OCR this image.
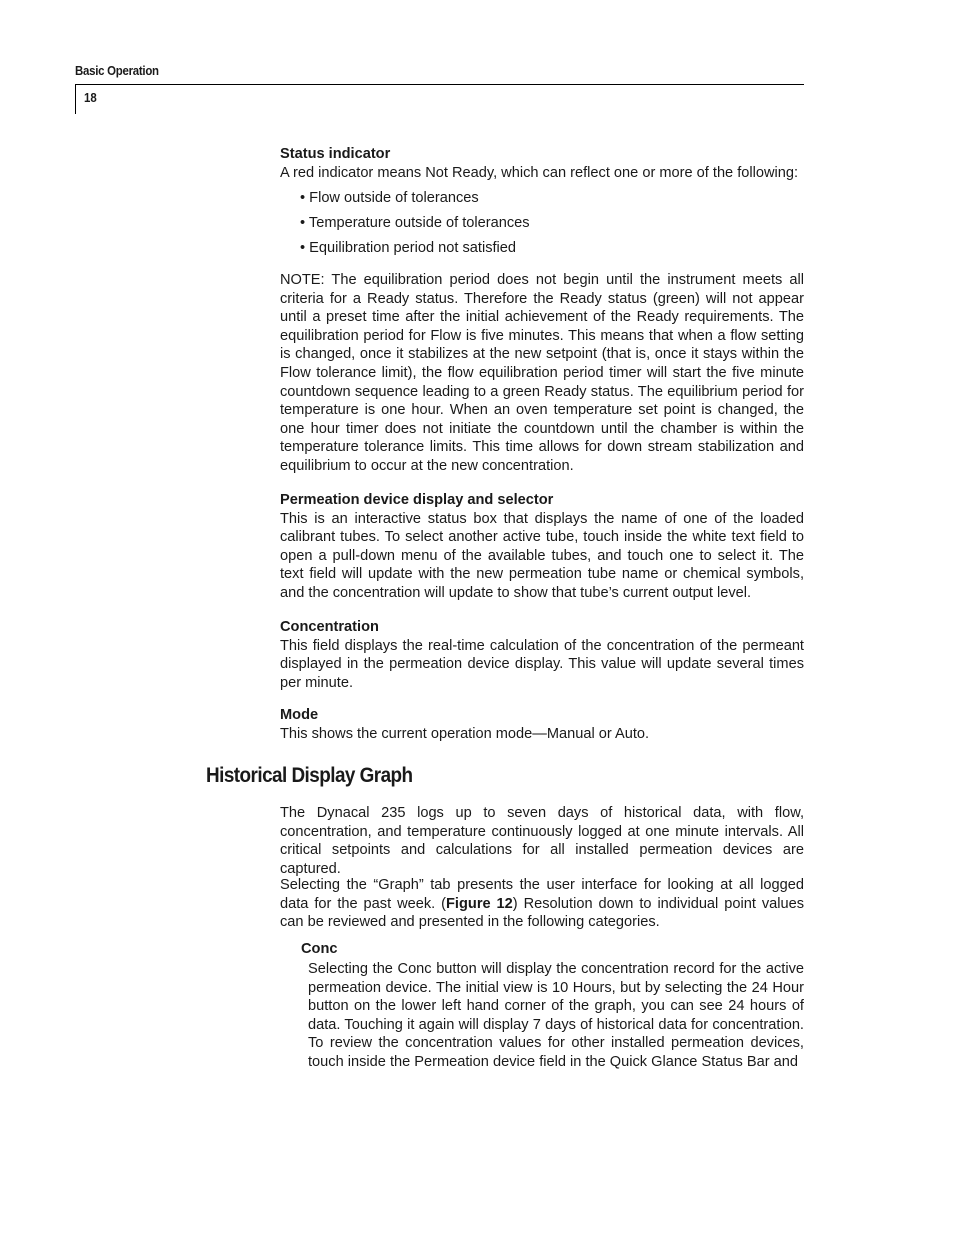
Basic Operation
18
Status indicator

A red indicator means Not Ready, which can reflect one or more of the following:

• Flow outside of tolerances
• Temperature outside of tolerances
• Equilibration period not satisfied

NOTE: The equilibration period does not begin until the instrument meets all criteria for a Ready status. Therefore the Ready status (green) will not appear until a preset time after the initial achievement of the Ready requirements. The equilibration period for Flow is five minutes. This means that when a flow setting is changed, once it stabilizes at the new setpoint (that is, once it stays within the Flow tolerance limit), the flow equilibration period timer will start the five minute countdown sequence leading to a green Ready status. The equilibrium period for temperature is one hour. When an oven temperature set point is changed, the one hour timer does not initiate the countdown until the chamber is within the temperature tolerance limits. This time allows for down stream stabilization and equilibrium to occur at the new concentration.

Permeation device display and selector

This is an interactive status box that displays the name of one of the loaded calibrant tubes. To select another active tube, touch inside the white text field to open a pull-down menu of the available tubes, and touch one to select it. The text field will update with the new permeation tube name or chemical symbols, and the concentration will update to show that tube’s current output level.

Concentration

This field displays the real-time calculation of the concentration of the permeant displayed in the permeation device display. This value will update several times per minute.

Mode

This shows the current operation mode—Manual or Auto.

Historical Display Graph

The Dynacal 235 logs up to seven days of historical data, with flow, concentration, and temperature continuously logged at one minute intervals. All critical setpoints and calculations for all installed permeation devices are captured.

Selecting the “Graph” tab presents the user interface for looking at all logged data for the past week. (Figure 12) Resolution down to individual point values can be reviewed and presented in the following categories.

Conc

Selecting the Conc button will display the concentration record for the active permeation device. The initial view is 10 Hours, but by selecting the 24 Hour button on the lower left hand corner of the graph, you can see 24 hours of data. Touching it again will display 7 days of historical data for concentration. To review the concentration values for other installed permeation devices, touch inside the Permeation device field in the Quick Glance Status Bar and
